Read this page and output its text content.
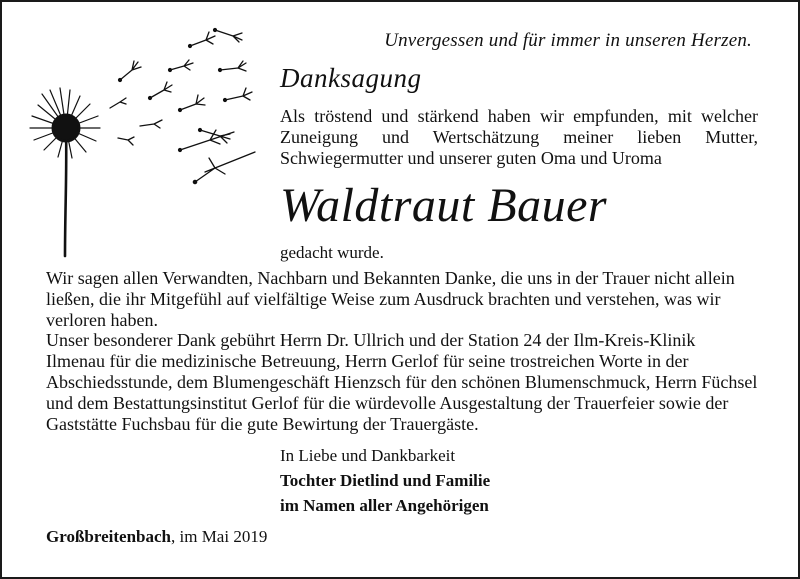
Unvergessen und für immer in unseren Herzen.
Danksagung
Als tröstend und stärkend haben wir empfunden, mit welcher Zuneigung und Wertschätzung meiner lieben Mutter, Schwiegermutter und unserer guten Oma und Uroma
Waldtraut Bauer
gedacht wurde.

Wir sagen allen Verwandten, Nachbarn und Bekannten Danke, die uns in der Trauer nicht allein ließen, die ihr Mitgefühl auf vielfältige Weise zum Ausdruck brachten und verstehen, was wir verloren haben.

Unser besonderer Dank gebührt Herrn Dr. Ullrich und der Station 24 der Ilm-Kreis-Klinik Ilmenau für die medizinische Betreuung, Herrn Gerlof für seine trostreichen Worte in der Abschiedsstunde, dem Blumengeschäft Hienzsch für den schönen Blumenschmuck, Herrn Füchsel und dem Bestattungsinstitut Gerlof für die würdevolle Ausgestaltung der Trauerfeier sowie der Gaststätte Fuchsbau für die gute Bewirtung der Trauergäste.

In Liebe und Dankbarkeit
Tochter Dietlind und Familie
im Namen aller Angehörigen
Großbreitenbach, im Mai 2019
